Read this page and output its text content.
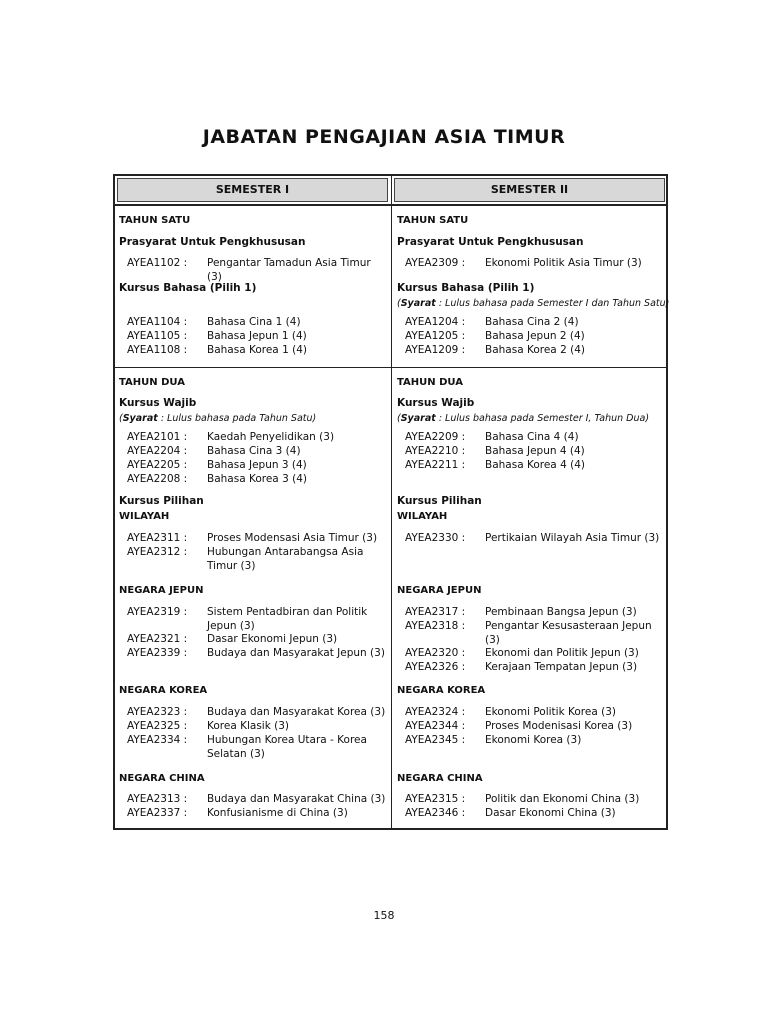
JABATAN PENGAJIAN ASIA TIMUR
SEMESTER I	SEMESTER II
TAHUN SATU
Prasyarat Untuk Pengkhususan
AYEA1102 :	Pengantar Tamadun Asia Timur (3)
Kursus Bahasa (Pilih 1)
AYEA1104 :	Bahasa Cina 1 (4)
AYEA1105 :	Bahasa Jepun 1 (4)
AYEA1108 :	Bahasa Korea 1 (4)
TAHUN SATU
Prasyarat Untuk Pengkhususan
AYEA2309 :	Ekonomi Politik Asia Timur (3)
Kursus Bahasa (Pilih 1)
(Syarat : Lulus bahasa pada Semester I dan Tahun Satu)
AYEA1204 :	Bahasa Cina 2 (4)
AYEA1205 :	Bahasa Jepun 2 (4)
AYEA1209 :	Bahasa Korea 2 (4)
TAHUN DUA
Kursus Wajib
(Syarat : Lulus bahasa pada Tahun Satu)
AYEA2101 :	Kaedah Penyelidikan (3)
AYEA2204 :	Bahasa Cina 3 (4)
AYEA2205 :	Bahasa Jepun 3 (4)
AYEA2208 :	Bahasa Korea 3 (4)
Kursus Pilihan
WILAYAH
AYEA2311 :	Proses Modensasi Asia Timur (3)
AYEA2312 :	Hubungan Antarabangsa Asia Timur (3)
NEGARA JEPUN
AYEA2319 :	Sistem Pentadbiran dan Politik Jepun (3)
AYEA2321 :	Dasar Ekonomi Jepun (3)
AYEA2339 :	Budaya dan Masyarakat Jepun (3)
NEGARA KOREA
AYEA2323 :	Budaya dan Masyarakat Korea (3)
AYEA2325 :	Korea Klasik (3)
AYEA2334 :	Hubungan Korea Utara - Korea Selatan (3)
NEGARA CHINA
AYEA2313 :	Budaya dan Masyarakat China (3)
AYEA2337 :	Konfusianisme di China (3)
TAHUN DUA
Kursus Wajib
(Syarat : Lulus bahasa pada Semester I, Tahun Dua)
AYEA2209 :	Bahasa Cina 4 (4)
AYEA2210 :	Bahasa Jepun 4 (4)
AYEA2211 :	Bahasa Korea 4 (4)
Kursus Pilihan
WILAYAH
AYEA2330 :	Pertikaian Wilayah Asia Timur (3)
NEGARA JEPUN
AYEA2317 :	Pembinaan Bangsa Jepun (3)
AYEA2318 :	Pengantar Kesusasteraan Jepun (3)
AYEA2320 :	Ekonomi dan Politik Jepun (3)
AYEA2326 :	Kerajaan Tempatan Jepun (3)
NEGARA KOREA
AYEA2324 :	Ekonomi Politik Korea (3)
AYEA2344 :	Proses Modenisasi Korea (3)
AYEA2345 :	Ekonomi Korea (3)
NEGARA CHINA
AYEA2315 :	Politik dan Ekonomi China (3)
AYEA2346 :	Dasar Ekonomi China (3)
158
